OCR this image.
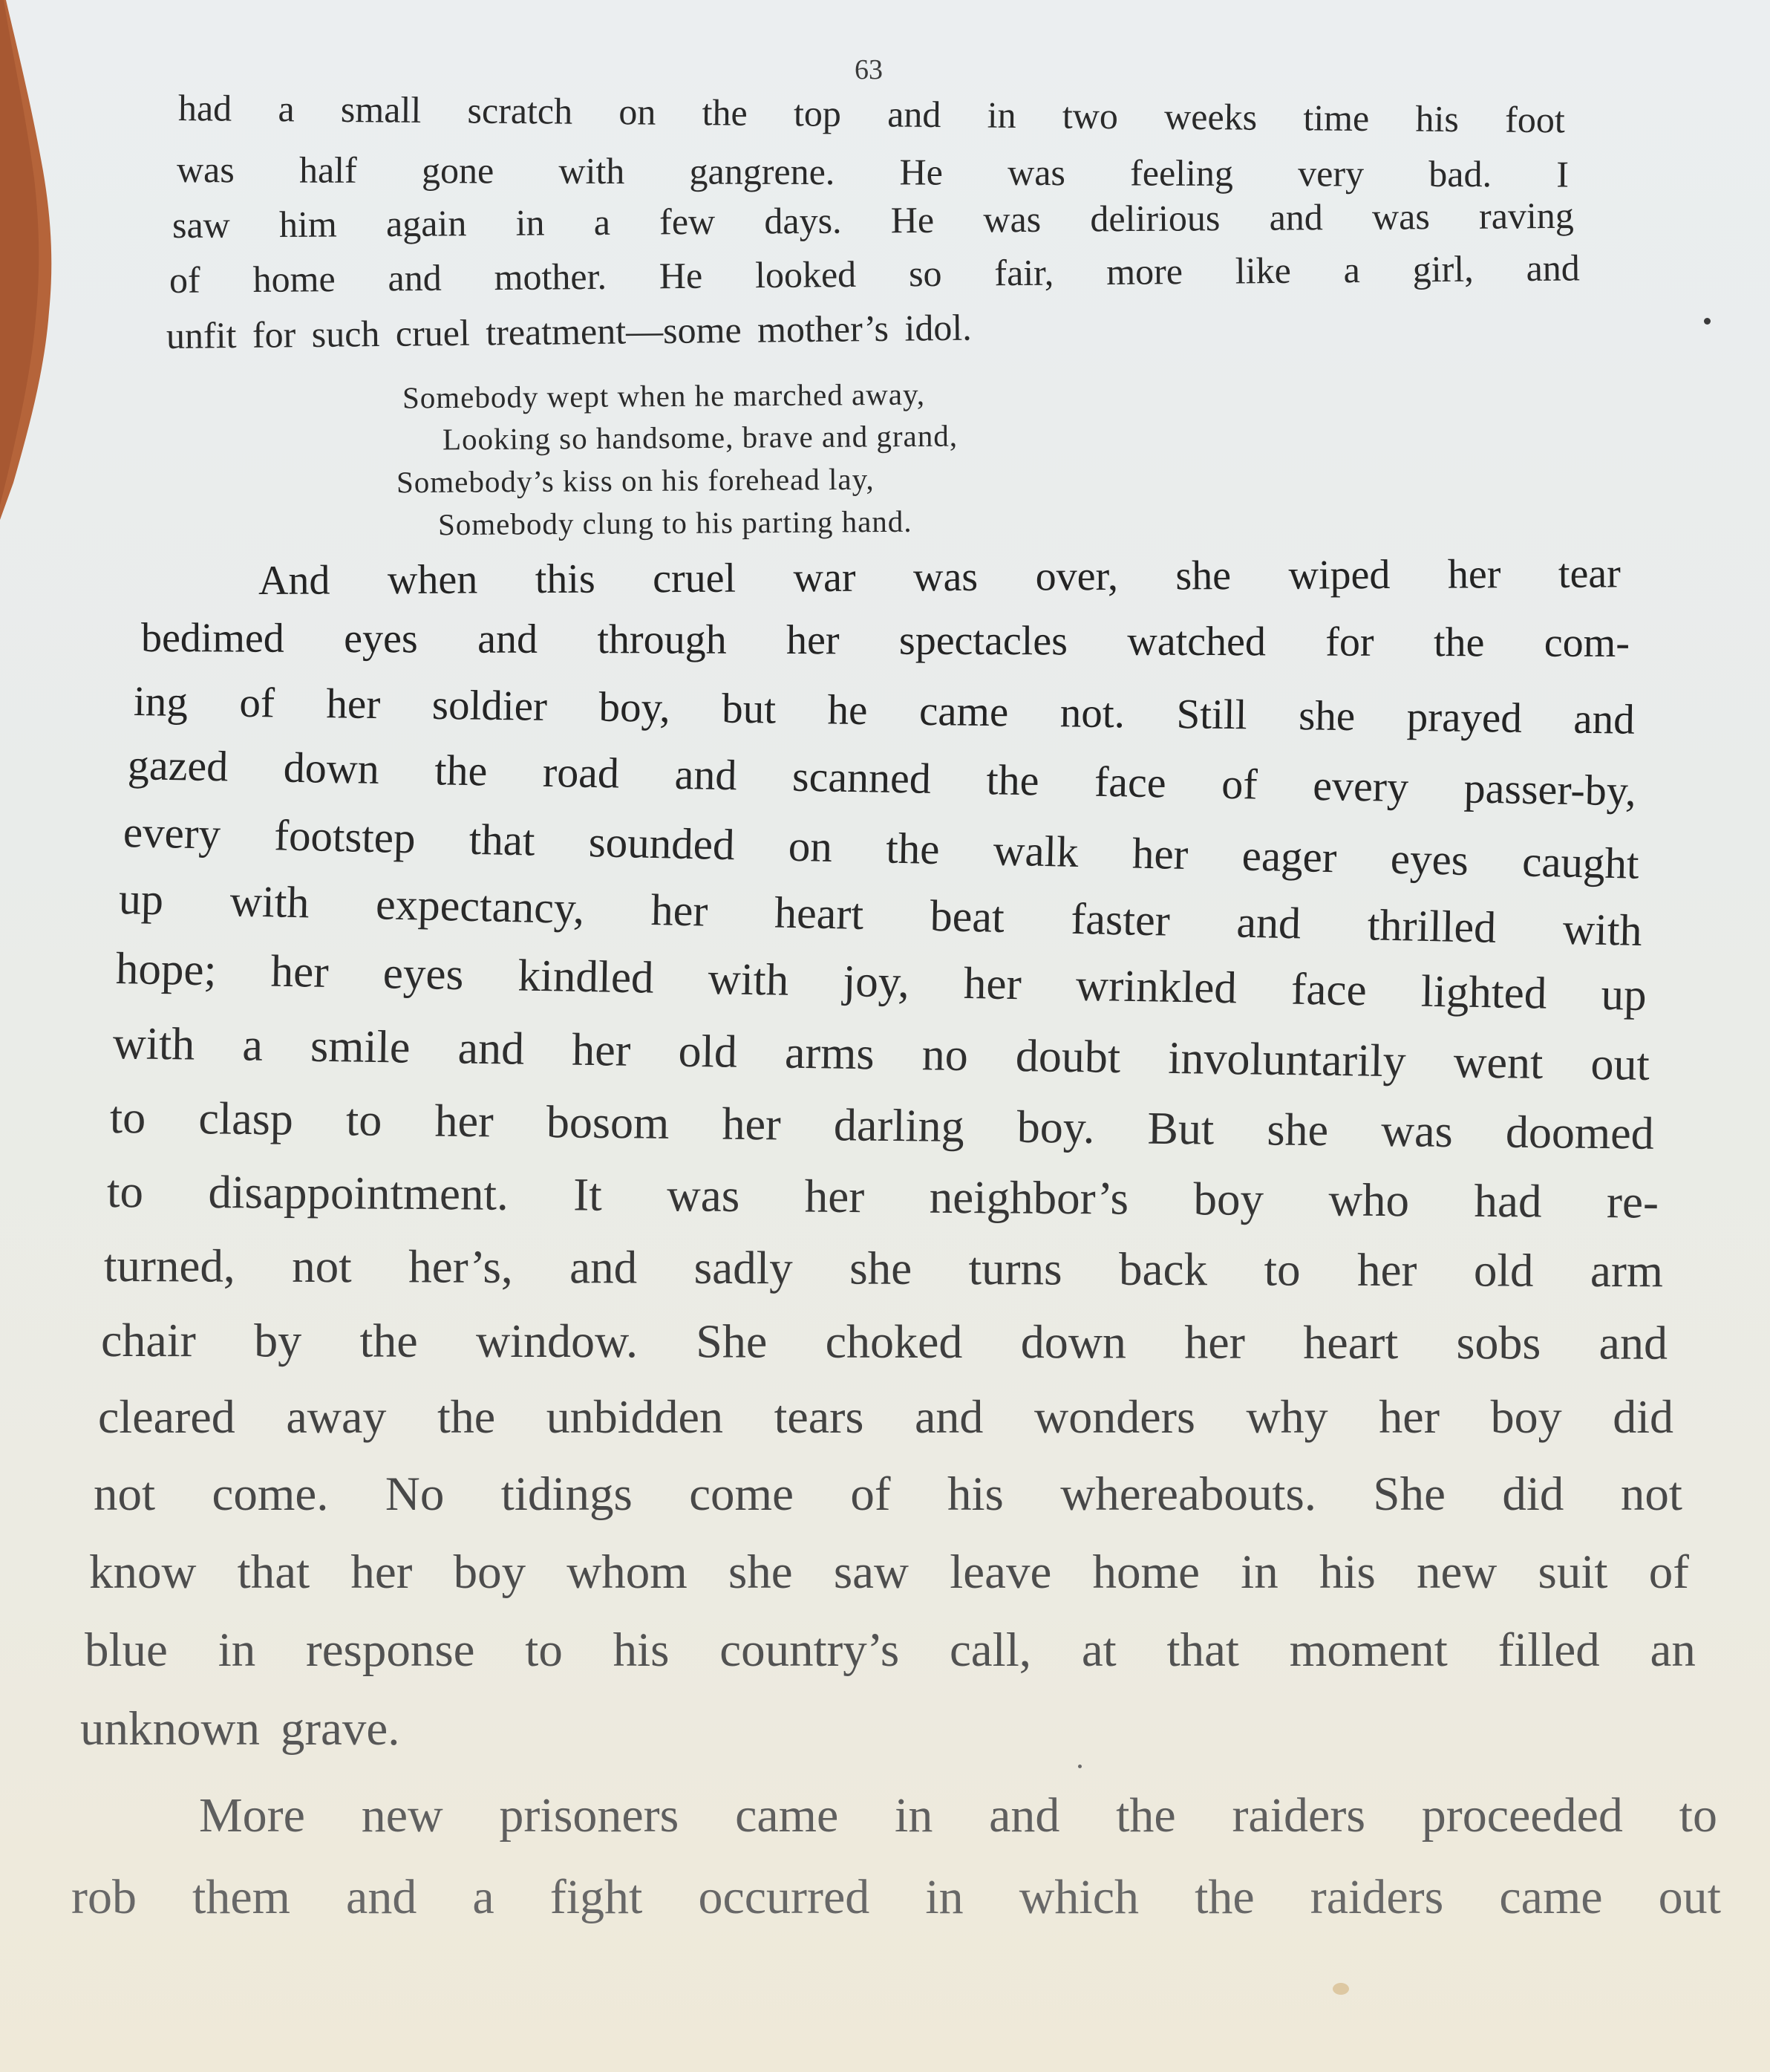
63
had a small scratch on the top and in two weeks time his foot
was half gone with gangrene. He was feeling very bad. I
saw him again in a few days. He was delirious and was raving
of home and mother. He looked so fair, more like a girl, and
unfit for such cruel treatment—some mother’s idol.
Somebody wept when he marched away,
Looking so handsome, brave and grand,
Somebody’s kiss on his forehead lay,
Somebody clung to his parting hand.
And when this cruel war was over, she wiped her tear
bedimed eyes and through her spectacles watched for the com-
ing of her soldier boy, but he came not. Still she prayed and
gazed down the road and scanned the face of every passer-by,
every footstep that sounded on the walk her eager eyes caught
up with expectancy, her heart beat faster and thrilled with
hope; her eyes kindled with joy, her wrinkled face lighted up
with a smile and her old arms no doubt involuntarily went out
to clasp to her bosom her darling boy. But she was doomed
to disappointment. It was her neighbor’s boy who had re-
turned, not her’s, and sadly she turns back to her old arm
chair by the window. She choked down her heart sobs and
cleared away the unbidden tears and wonders why her boy did
not come. No tidings come of his whereabouts. She did not
know that her boy whom she saw leave home in his new suit of
blue in response to his country’s call, at that moment filled an
unknown grave.
More new prisoners came in and the raiders proceeded to
rob them and a fight occurred in which the raiders came out
